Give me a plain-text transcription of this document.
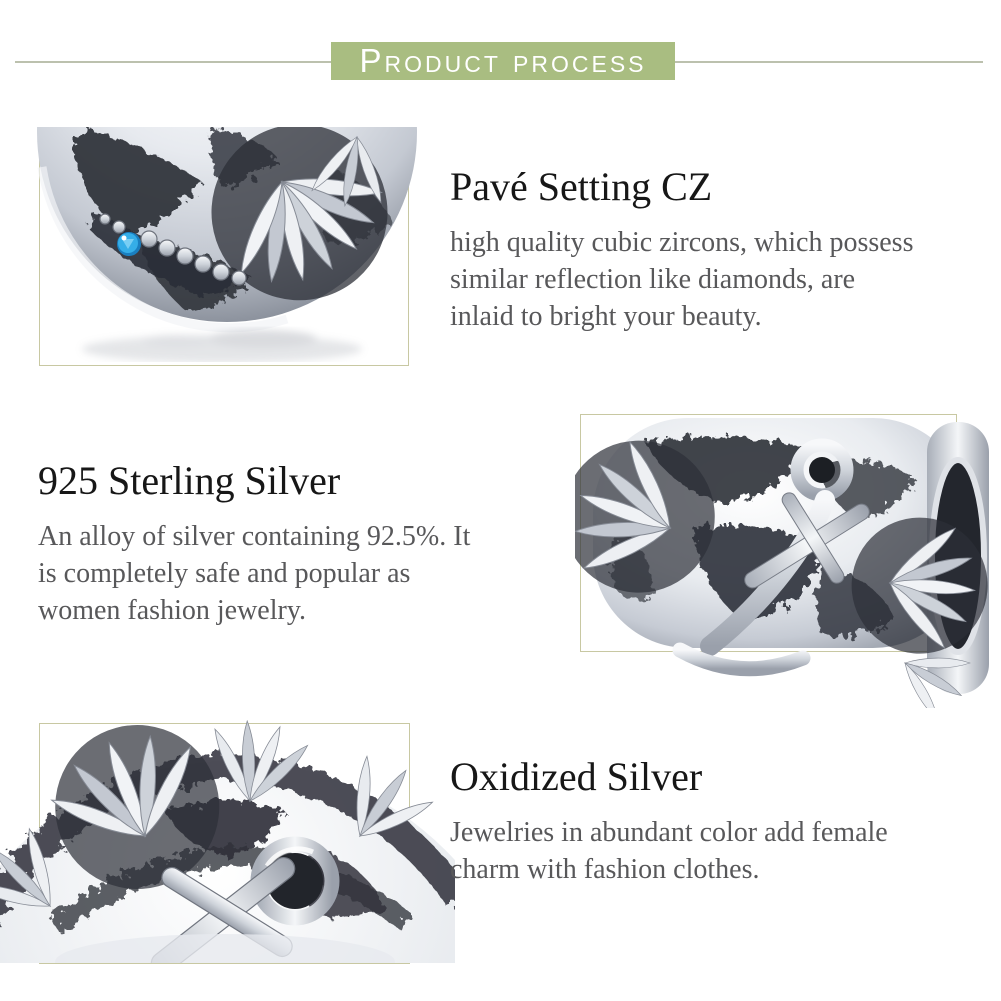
Product process
Pavé Setting CZ

high quality cubic zircons, which possess
similar reflection like diamonds, are
inlaid to bright your beauty.

925 Sterling Silver

An alloy of silver containing 92.5%. It
is completely safe and popular as
women fashion jewelry.

Oxidized Silver

Jewelries in abundant color add female
charm with fashion clothes.
